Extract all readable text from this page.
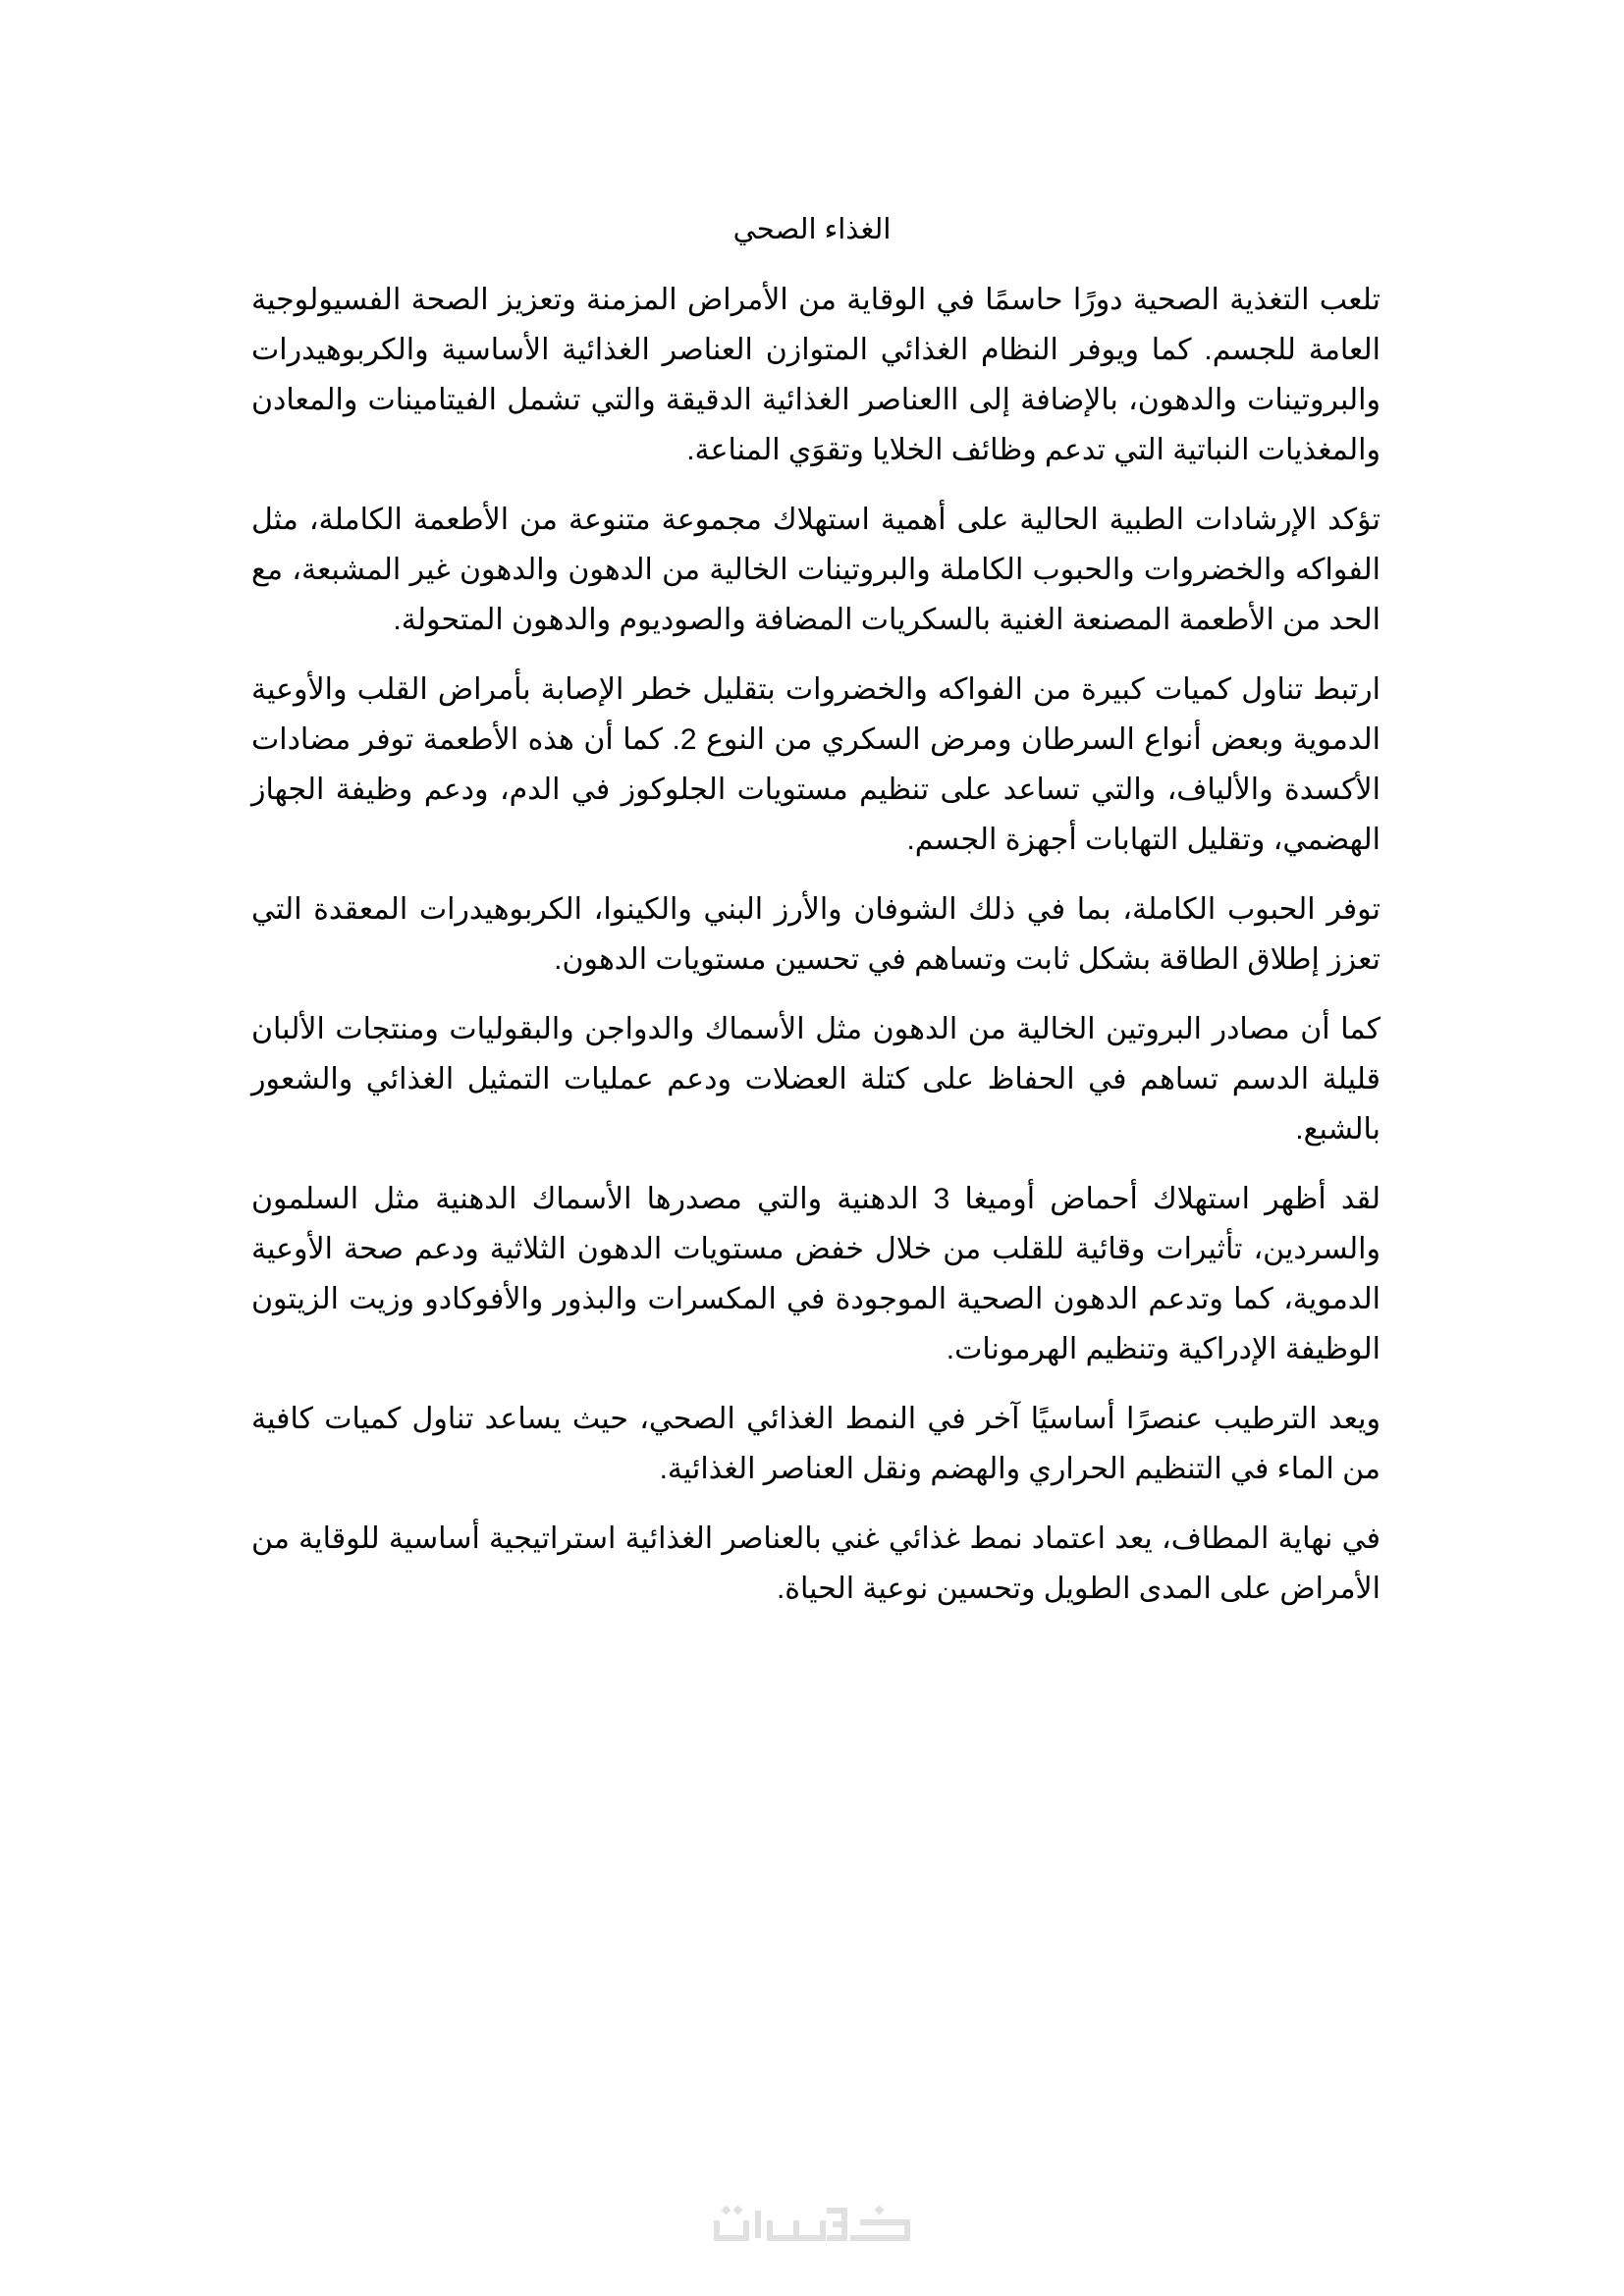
الغذاء الصحي

تلعب التغذية الصحية دورًا حاسمًا في الوقاية من الأمراض المزمنة وتعزيز الصحة الفسيولوجية العامة للجسم. كما ويوفر النظام الغذائي المتوازن العناصر الغذائية الأساسية والكربوهيدرات والبروتينات والدهون، بالإضافة إلى االعناصر الغذائية الدقيقة والتي تشمل الفيتامينات والمعادن والمغذيات النباتية التي تدعم وظائف الخلايا وتقوَي المناعة.

تؤكد الإرشادات الطبية الحالية على أهمية استهلاك مجموعة متنوعة من الأطعمة الكاملة، مثل الفواكه والخضروات والحبوب الكاملة والبروتينات الخالية من الدهون والدهون غير المشبعة، مع الحد من الأطعمة المصنعة الغنية بالسكريات المضافة والصوديوم والدهون المتحولة.

ارتبط تناول كميات كبيرة من الفواكه والخضروات بتقليل خطر الإصابة بأمراض القلب والأوعية الدموية وبعض أنواع السرطان ومرض السكري من النوع 2. كما أن هذه الأطعمة توفر مضادات الأكسدة والألياف، والتي تساعد على تنظيم مستويات الجلوكوز في الدم، ودعم وظيفة الجهاز الهضمي، وتقليل التهابات أجهزة الجسم.

توفر الحبوب الكاملة، بما في ذلك الشوفان والأرز البني والكينوا، الكربوهيدرات المعقدة التي تعزز إطلاق الطاقة بشكل ثابت وتساهم في تحسين مستويات الدهون.

كما أن مصادر البروتين الخالية من الدهون مثل الأسماك والدواجن والبقوليات ومنتجات الألبان قليلة الدسم تساهم في الحفاظ على كتلة العضلات ودعم عمليات التمثيل الغذائي والشعور بالشبع.

لقد أظهر استهلاك أحماض أوميغا 3 الدهنية والتي مصدرها الأسماك الدهنية مثل السلمون والسردين، تأثيرات وقائية للقلب من خلال خفض مستويات الدهون الثلاثية ودعم صحة الأوعية الدموية، كما وتدعم الدهون الصحية الموجودة في المكسرات والبذور والأفوكادو وزيت الزيتون الوظيفة الإدراكية وتنظيم الهرمونات.

ويعد الترطيب عنصرًا أساسيًا آخر في النمط الغذائي الصحي، حيث يساعد تناول كميات كافية من الماء في التنظيم الحراري والهضم ونقل العناصر الغذائية.

في نهاية المطاف، يعد اعتماد نمط غذائي غني بالعناصر الغذائية استراتيجية أساسية للوقاية من الأمراض على المدى الطويل وتحسين نوعية الحياة.
